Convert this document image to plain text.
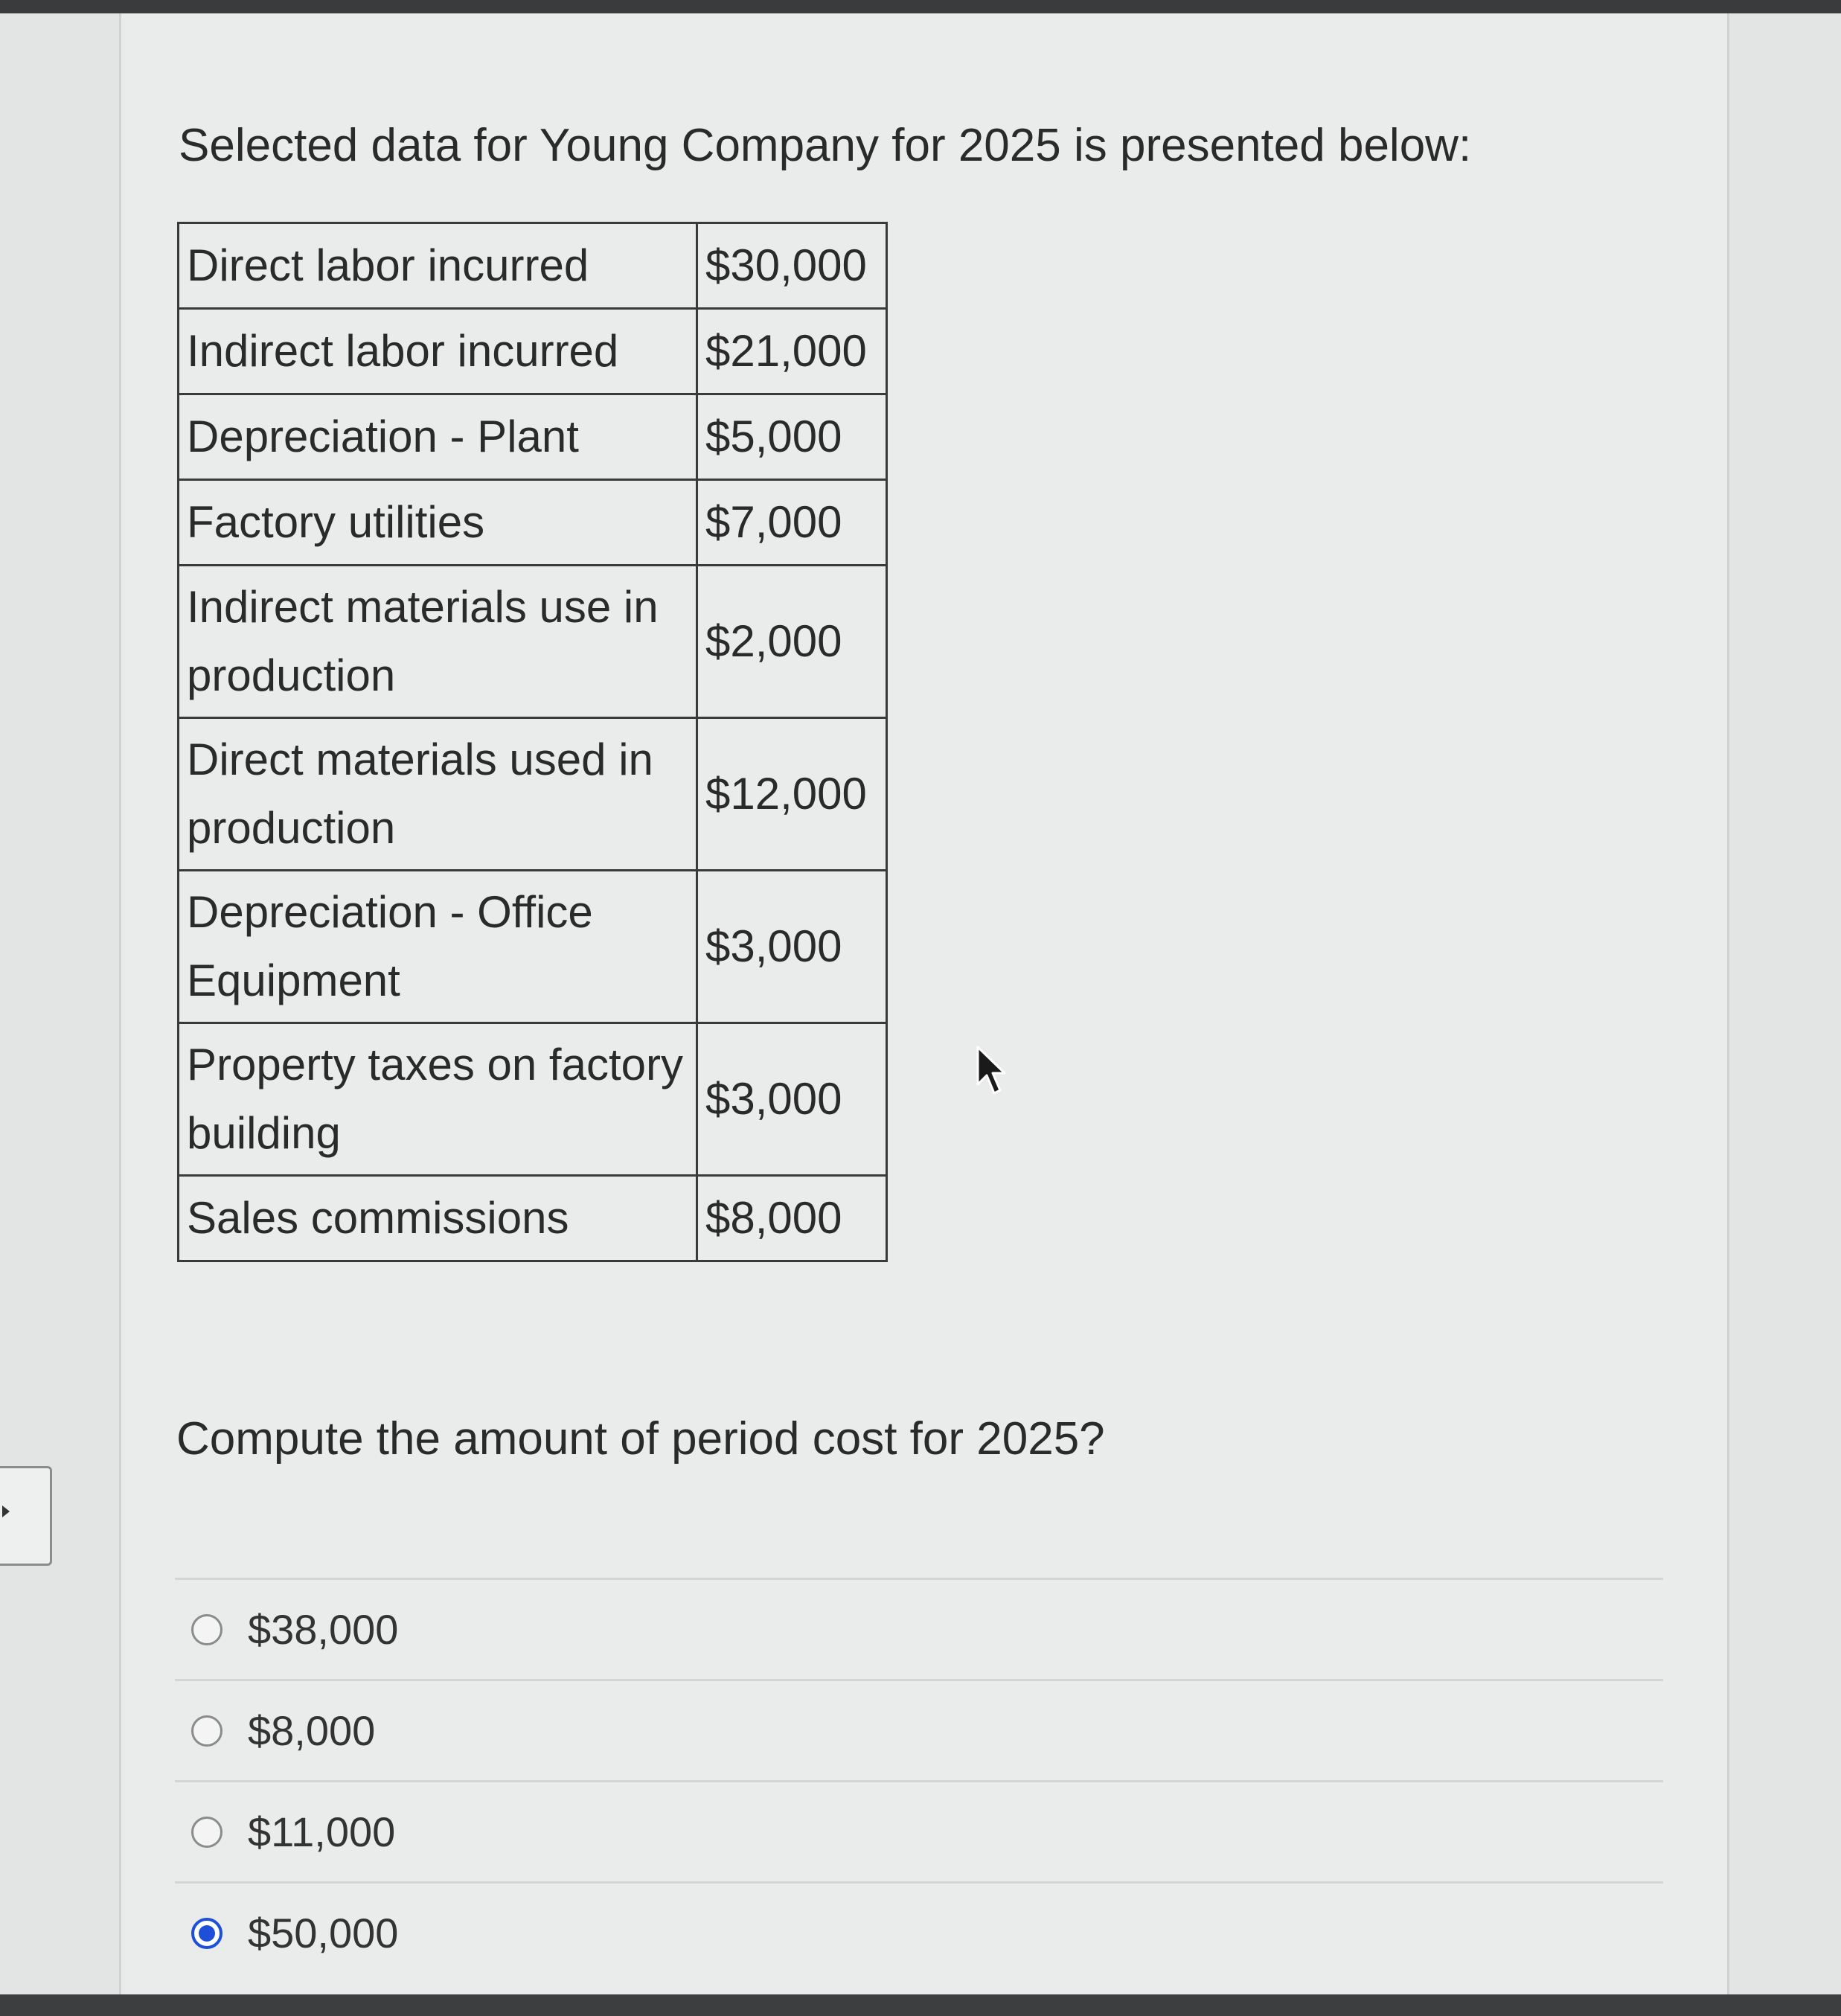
Selected data for Young Company for 2025 is presented below:
Direct labor incurred	$30,000
Indirect labor incurred	$21,000
Depreciation - Plant	$5,000
Factory utilities	$7,000
Indirect materials use in production	$2,000
Direct materials used in production	$12,000
Depreciation - Office Equipment	$3,000
Property taxes on factory building	$3,000
Sales commissions	$8,000

Compute the amount of period cost for 2025?

$38,000
$8,000
$11,000
$50,000
